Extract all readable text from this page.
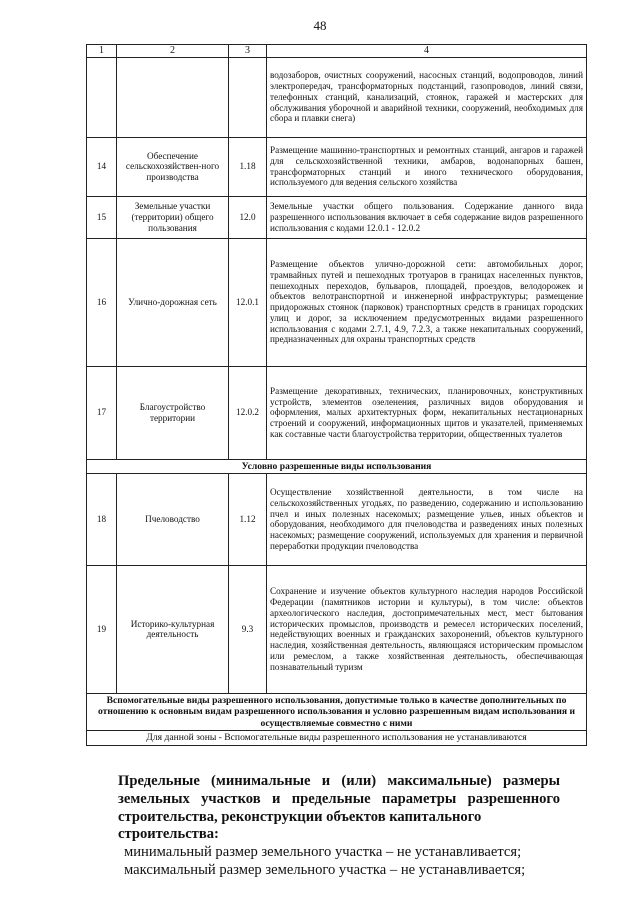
48
1	2	3	4
			водозаборов, очистных сооружений, насосных станций, водопроводов, линий электропередач, трансформаторных подстанций, газопроводов, линий связи, телефонных станций, канализаций, стоянок, гаражей и мастерских для обслуживания уборочной и аварийной техники, сооружений, необходимых для сбора и плавки снега)
14	Обеспечение сельскохозяйствен-ного производства	1.18	Размещение машинно-транспортных и ремонтных станций, ангаров и гаражей для сельскохозяйственной техники, амбаров, водонапорных башен, трансформаторных станций и иного технического оборудования, используемого для ведения сельского хозяйства
15	Земельные участки (территории) общего пользования	12.0	Земельные участки общего пользования. Содержание данного вида разрешенного использования включает в себя содержание видов разрешенного использования с кодами 12.0.1 - 12.0.2
16	Улично-дорожная сеть	12.0.1	Размещение объектов улично-дорожной сети: автомобильных дорог, трамвайных путей и пешеходных тротуаров в границах населенных пунктов, пешеходных переходов, бульваров, площадей, проездов, велодорожек и объектов велотранспортной и инженерной инфраструктуры; размещение придорожных стоянок (парковок) транспортных средств в границах городских улиц и дорог, за исключением предусмотренных видами разрешенного использования с кодами 2.7.1, 4.9, 7.2.3, а также некапитальных сооружений, предназначенных для охраны транспортных средств
17	Благоустройство территории	12.0.2	Размещение декоративных, технических, планировочных, конструктивных устройств, элементов озеленения, различных видов оборудования и оформления, малых архитектурных форм, некапитальных нестационарных строений и сооружений, информационных щитов и указателей, применяемых как составные части благоустройства территории, общественных туалетов
Условно разрешенные виды использования			
18	Пчеловодство	1.12	Осуществление хозяйственной деятельности, в том числе на сельскохозяйственных угодьях, по разведению, содержанию и использованию пчел и иных полезных насекомых; размещение ульев, иных объектов и оборудования, необходимого для пчеловодства и разведениях иных полезных насекомых; размещение сооружений, используемых для хранения и первичной переработки продукции пчеловодства
19	Историко-культурная деятельность	9.3	Сохранение и изучение объектов культурного наследия народов Российской Федерации (памятников истории и культуры), в том числе: объектов археологического наследия, достопримечательных мест, мест бытования исторических промыслов, производств и ремесел исторических поселений, недействующих военных и гражданских захоронений, объектов культурного наследия, хозяйственная деятельность, являющаяся историческим промыслом или ремеслом, а также хозяйственная деятельность, обеспечивающая познавательный туризм
Вспомогательные виды разрешенного использования, допустимые только в качестве дополнительных по отношению к основным видам разрешенного использования и условно разрешенным видам использования и осуществляемые совместно с ними			
Для данной зоны - Вспомогательные виды разрешенного использования не устанавливаются			
Предельные (минимальные и (или) максимальные) размеры
земельных участков и предельные параметры разрешенного
строительства, реконструкции объектов капитального строительства:
минимальный размер земельного участка – не устанавливается;
максимальный размер земельного участка – не устанавливается;
